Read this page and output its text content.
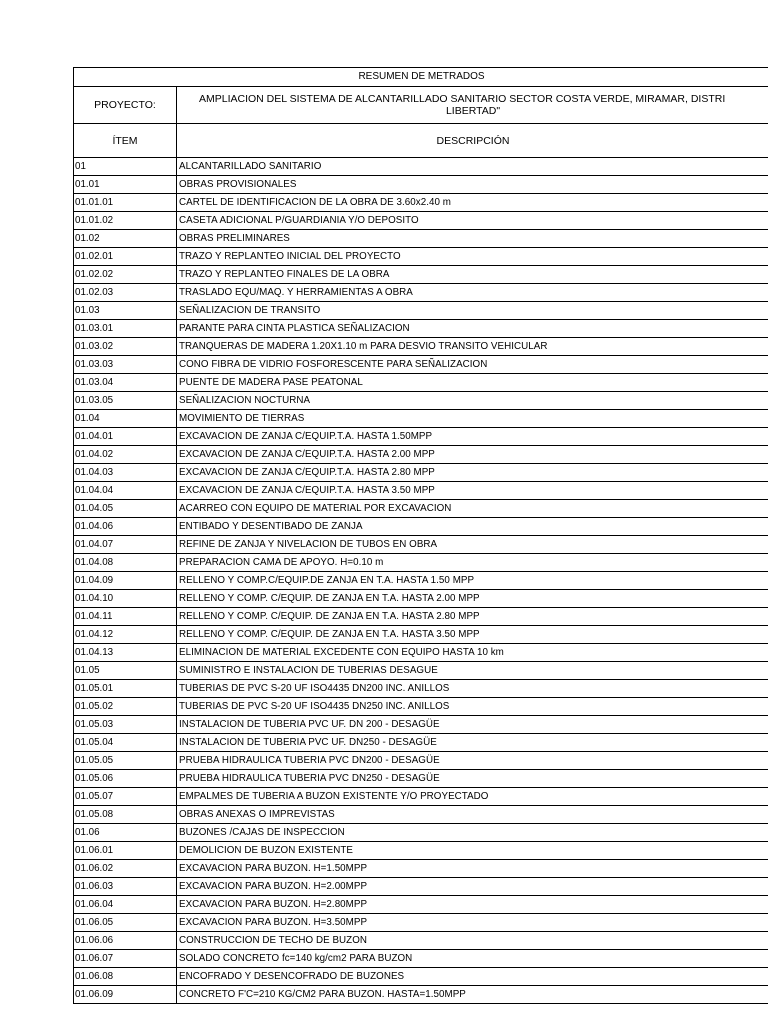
RESUMEN DE METRADOS
PROYECTO:	AMPLIACION DEL SISTEMA DE ALCANTARILLADO SANITARIO SECTOR COSTA VERDE, MIRAMAR, DISTRI
LIBERTAD"
ÍTEM	DESCRIPCIÓN
01	ALCANTARILLADO SANITARIO
01.01	OBRAS PROVISIONALES
01.01.01	CARTEL DE IDENTIFICACION DE LA OBRA DE 3.60x2.40 m
01.01.02	CASETA ADICIONAL P/GUARDIANIA Y/O DEPOSITO
01.02	OBRAS PRELIMINARES
01.02.01	TRAZO Y REPLANTEO INICIAL DEL PROYECTO
01.02.02	TRAZO Y REPLANTEO FINALES DE LA OBRA
01.02.03	TRASLADO EQU/MAQ. Y HERRAMIENTAS A OBRA
01.03	SEÑALIZACION DE TRANSITO
01.03.01	PARANTE PARA CINTA PLASTICA SEÑALIZACION
01.03.02	TRANQUERAS DE MADERA 1.20X1.10 m PARA DESVIO TRANSITO VEHICULAR
01.03.03	CONO FIBRA DE VIDRIO FOSFORESCENTE PARA SEÑALIZACION
01.03.04	PUENTE DE MADERA PASE PEATONAL
01.03.05	SEÑALIZACION NOCTURNA
01.04	MOVIMIENTO DE TIERRAS
01.04.01	EXCAVACION DE ZANJA C/EQUIP.T.A. HASTA 1.50MPP
01.04.02	EXCAVACION DE ZANJA C/EQUIP.T.A. HASTA 2.00 MPP
01.04.03	EXCAVACION DE ZANJA C/EQUIP.T.A. HASTA 2.80 MPP
01.04.04	EXCAVACION DE ZANJA C/EQUIP.T.A. HASTA 3.50 MPP
01.04.05	ACARREO CON EQUIPO DE MATERIAL POR EXCAVACION
01.04.06	ENTIBADO Y DESENTIBADO DE ZANJA
01.04.07	REFINE DE ZANJA Y NIVELACION DE TUBOS EN OBRA
01.04.08	PREPARACION CAMA DE APOYO. H=0.10 m
01.04.09	RELLENO Y COMP.C/EQUIP.DE ZANJA EN T.A. HASTA 1.50 MPP
01.04.10	RELLENO Y COMP. C/EQUIP. DE ZANJA EN T.A. HASTA 2.00 MPP
01.04.11	RELLENO Y COMP. C/EQUIP. DE ZANJA EN T.A. HASTA 2.80 MPP
01.04.12	RELLENO Y COMP. C/EQUIP. DE ZANJA EN T.A. HASTA 3.50 MPP
01.04.13	ELIMINACION DE MATERIAL EXCEDENTE CON EQUIPO HASTA 10 km
01.05	SUMINISTRO E INSTALACION DE TUBERIAS DESAGUE
01.05.01	TUBERIAS DE PVC S-20 UF ISO4435 DN200 INC. ANILLOS
01.05.02	TUBERIAS DE PVC S-20 UF ISO4435 DN250 INC. ANILLOS
01.05.03	INSTALACION DE TUBERIA PVC UF. DN 200 - DESAGÜE
01.05.04	INSTALACION DE TUBERIA PVC UF. DN250 - DESAGÜE
01.05.05	PRUEBA HIDRAULICA TUBERIA PVC DN200 - DESAGÜE
01.05.06	PRUEBA HIDRAULICA TUBERIA PVC DN250 - DESAGÜE
01.05.07	EMPALMES DE TUBERIA A BUZON EXISTENTE Y/O PROYECTADO
01.05.08	OBRAS ANEXAS O IMPREVISTAS
01.06	BUZONES /CAJAS DE INSPECCION
01.06.01	DEMOLICION DE BUZON EXISTENTE
01.06.02	EXCAVACION PARA BUZON. H=1.50MPP
01.06.03	EXCAVACION PARA BUZON. H=2.00MPP
01.06.04	EXCAVACION PARA BUZON. H=2.80MPP
01.06.05	EXCAVACION PARA BUZON. H=3.50MPP
01.06.06	CONSTRUCCION DE TECHO DE BUZON
01.06.07	SOLADO CONCRETO fc=140 kg/cm2 PARA BUZON
01.06.08	ENCOFRADO Y DESENCOFRADO DE BUZONES
01.06.09	CONCRETO F'C=210 KG/CM2 PARA BUZON. HASTA=1.50MPP
